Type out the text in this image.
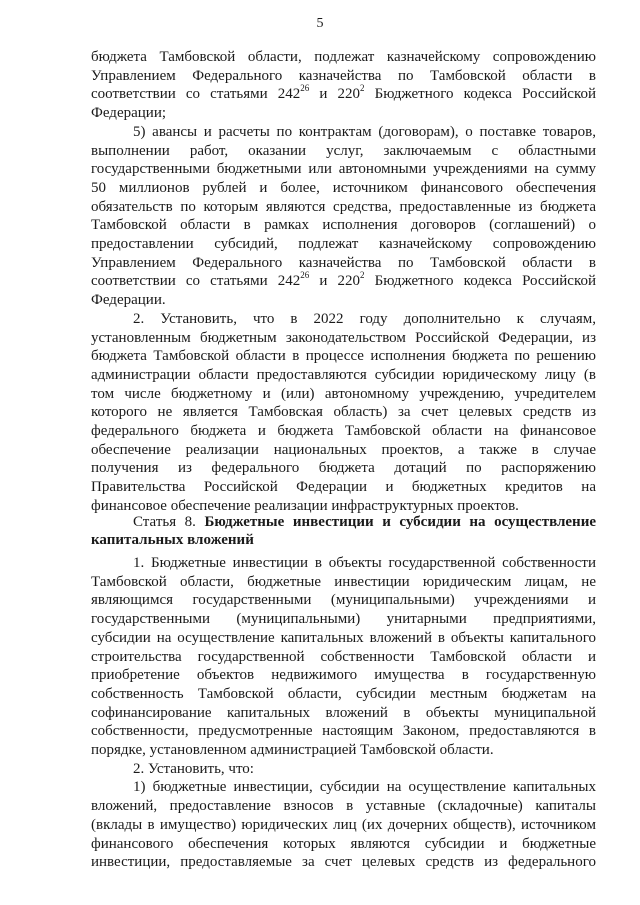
5
бюджета Тамбовской области, подлежат казначейскому сопровождению
Управлением Федерального казначейства по Тамбовской области в
соответствии со статьями $242^{26}$ и $220^2$ Бюджетного кодекса Российской
Федерации;
5) авансы и расчеты по контрактам (договорам), о поставке товаров,
выполнении работ, оказании услуг, заключаемым с областными
государственными бюджетными или автономными учреждениями на сумму
50 миллионов рублей и более, источником финансового обеспечения
обязательств по которым являются средства, предоставленные из бюджета
Тамбовской области в рамках исполнения договоров (соглашений) о
предоставлении субсидий, подлежат казначейскому сопровождению
Управлением Федерального казначейства по Тамбовской области в
соответствии со статьями $242^{26}$ и $220^2$ Бюджетного кодекса Российской
Федерации.
2. Установить, что в 2022 году дополнительно к случаям,
установленным бюджетным законодательством Российской Федерации, из
бюджета Тамбовской области в процессе исполнения бюджета по решению
администрации области предоставляются субсидии юридическому лицу (в
том числе бюджетному и (или) автономному учреждению, учредителем
которого не является Тамбовская область) за счет целевых средств из
федерального бюджета и бюджета Тамбовской области на финансовое
обеспечение реализации национальных проектов, а также в случае
получения из федерального бюджета дотаций по распоряжению
Правительства Российской Федерации и бюджетных кредитов на
финансовое обеспечение реализации инфраструктурных проектов.
Статья 8. Бюджетные инвестиции и субсидии на осуществление
капитальных вложений
1. Бюджетные инвестиции в объекты государственной собственности
Тамбовской области, бюджетные инвестиции юридическим лицам, не
являющимся государственными (муниципальными) учреждениями и
государственными (муниципальными) унитарными предприятиями,
субсидии на осуществление капитальных вложений в объекты капитального
строительства государственной собственности Тамбовской области и
приобретение объектов недвижимого имущества в государственную
собственность Тамбовской области, субсидии местным бюджетам на
софинансирование капитальных вложений в объекты муниципальной
собственности, предусмотренные настоящим Законом, предоставляются в
порядке, установленном администрацией Тамбовской области.
2. Установить, что:
1) бюджетные инвестиции, субсидии на осуществление капитальных
вложений, предоставление взносов в уставные (складочные) капиталы
(вклады в имущество) юридических лиц (их дочерних обществ), источником
финансового обеспечения которых являются субсидии и бюджетные
инвестиции, предоставляемые за счет целевых средств из федерального
